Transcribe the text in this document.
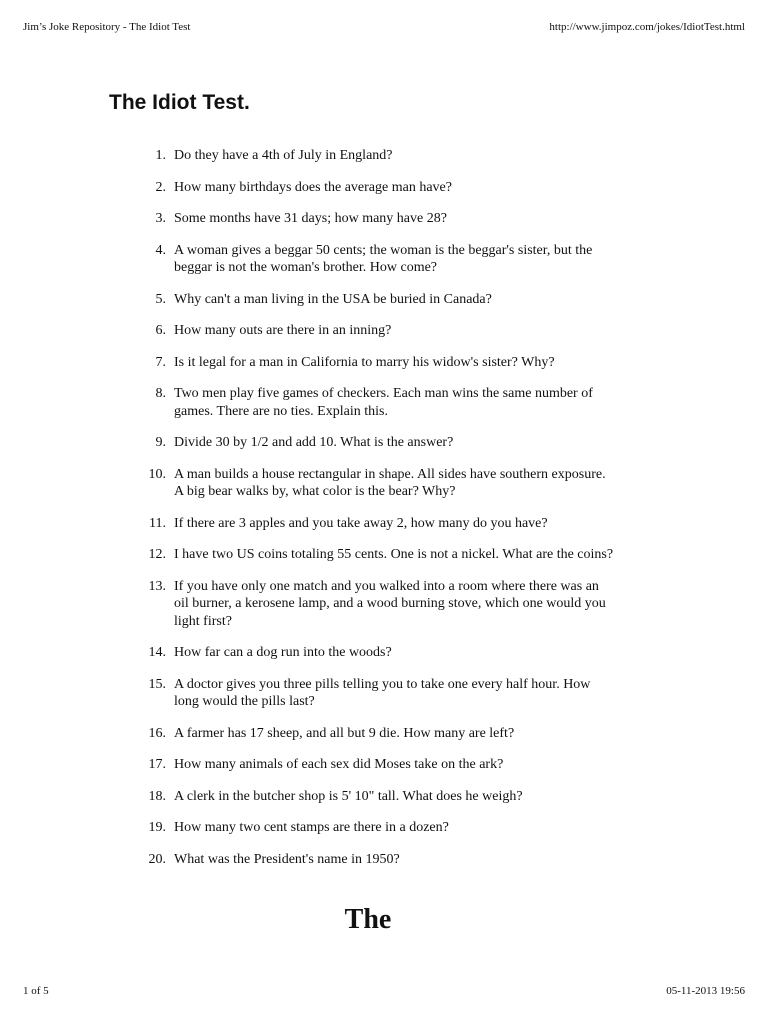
Jim’s Joke Repository - The Idiot Test	http://www.jimpoz.com/jokes/IdiotTest.html
The Idiot Test.
1. Do they have a 4th of July in England?
2. How many birthdays does the average man have?
3. Some months have 31 days; how many have 28?
4. A woman gives a beggar 50 cents; the woman is the beggar's sister, but the beggar is not the woman's brother. How come?
5. Why can't a man living in the USA be buried in Canada?
6. How many outs are there in an inning?
7. Is it legal for a man in California to marry his widow's sister? Why?
8. Two men play five games of checkers. Each man wins the same number of games. There are no ties. Explain this.
9. Divide 30 by 1/2 and add 10. What is the answer?
10. A man builds a house rectangular in shape. All sides have southern exposure. A big bear walks by, what color is the bear? Why?
11. If there are 3 apples and you take away 2, how many do you have?
12. I have two US coins totaling 55 cents. One is not a nickel. What are the coins?
13. If you have only one match and you walked into a room where there was an oil burner, a kerosene lamp, and a wood burning stove, which one would you light first?
14. How far can a dog run into the woods?
15. A doctor gives you three pills telling you to take one every half hour. How long would the pills last?
16. A farmer has 17 sheep, and all but 9 die. How many are left?
17. How many animals of each sex did Moses take on the ark?
18. A clerk in the butcher shop is 5' 10" tall. What does he weigh?
19. How many two cent stamps are there in a dozen?
20. What was the President's name in 1950?
The
1 of 5	05-11-2013 19:56
